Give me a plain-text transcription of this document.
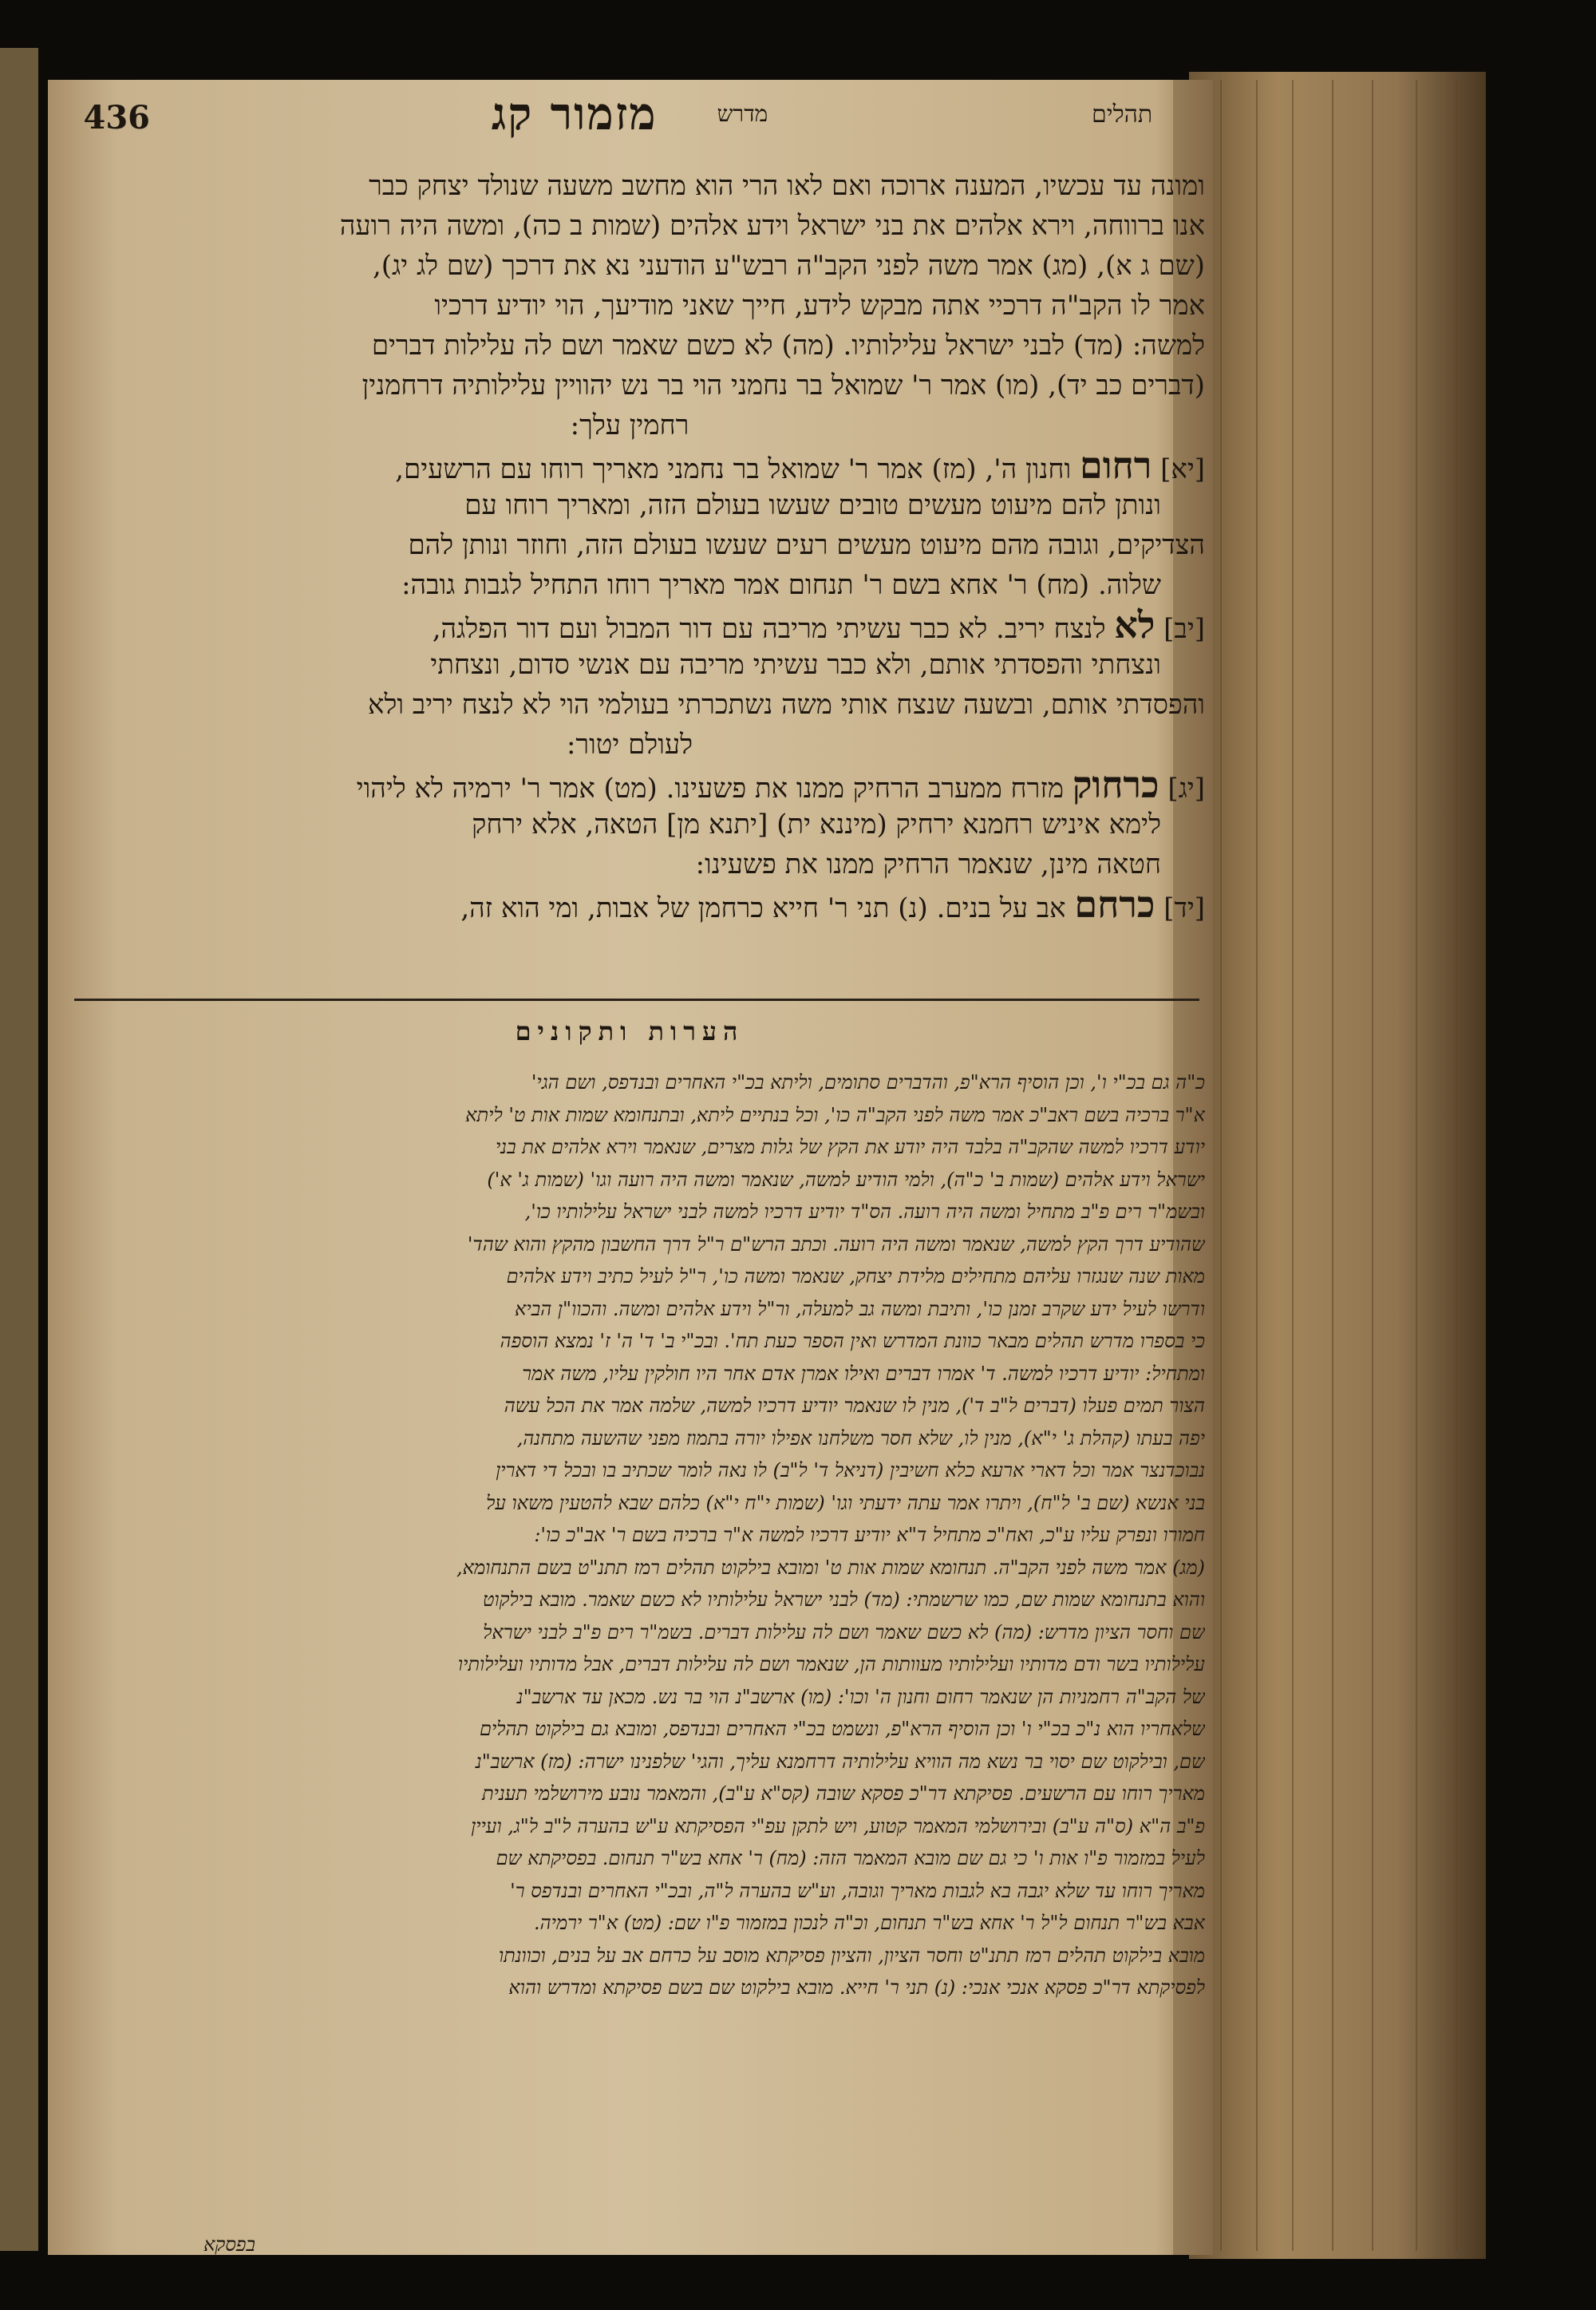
436	מדרש מזמור קג	תהלים
ומונה עד עכשיו, המענה ארוכה ואם לאו הרי הוא מחשב משעה שנולד יצחק כבר
אנו ברווחה, וירא אלהים את בני ישראל וידע אלהים (שמות ב כה), ומשה היה רועה
(שם ג א), (מג) אמר משה לפני הקב"ה רבש"ע הודעני נא את דרכך (שם לג יג),
אמר לו הקב"ה דרכיי אתה מבקש לידע, חייך שאני מודיעך, הוי יודיע דרכיו
למשה: (מד) לבני ישראל עלילותיו. (מה) לא כשם שאמר ושם לה עלילות דברים
(דברים כב יד), (מו) אמר ר' שמואל בר נחמני הוי בר נש יהוויין עלילותיה דרחמנין
רחמין עלך:
[יא] רחום וחנון ה', (מז) אמר ר' שמואל בר נחמני מאריך רוחו עם הרשעים,
ונותן להם מיעוט מעשים טובים שעשו בעולם הזה, ומאריך רוחו עם
הצדיקים, וגובה מהם מיעוט מעשים רעים שעשו בעולם הזה, וחוזר ונותן להם
שלוה. (מח) ר' אחא בשם ר' תנחום אמר מאריך רוחו התחיל לגבות גובה:
[יב] לא לנצח יריב. לא כבר עשיתי מריבה עם דור המבול ועם דור הפלגה,
ונצחתי והפסדתי אותם, ולא כבר עשיתי מריבה עם אנשי סדום, ונצחתי
והפסדתי אותם, ובשעה שנצח אותי משה נשתכרתי בעולמי הוי לא לנצח יריב ולא
לעולם יטור:
[יג] כרחוק מזרח ממערב הרחיק ממנו את פשעינו. (מט) אמר ר' ירמיה לא ליהוי
לימא איניש רחמנא ירחיק (מיננא ית) [יתנא מן] הטאה, אלא ירחק
חטאה מינן, שנאמר הרחיק ממנו את פשעינו:
[יד] כרחם אב על בנים. (נ) תני ר' חייא כרחמן של אבות, ומי הוא זה,
הערות ותקונים
כ"ה גם בכ"י ו', וכן הוסיף הרא"פ, והדברים סתומים, וליתא בכ"י האחרים ובנדפס, ושם הגי'
א"ר ברכיה בשם ראב"כ אמר משה לפני הקב"ה כו', וכל בנתיים ליתא, ובתנחומא שמות אות ט' ליתא
יודע דרכיו למשה שהקב"ה בלבד היה יודע את הקץ של גלות מצרים, שנאמר וירא אלהים את בני
ישראל וידע אלהים (שמות ב' כ"ה), ולמי הודיע למשה, שנאמר ומשה היה רועה וגו' (שמות ג' א')
ובשמ"ר רים פ"ב מתחיל ומשה היה רועה. הס"ד יודיע דרכיו למשה לבני ישראל עלילותיו כו',
שהודיע דרך הקץ למשה, שנאמר ומשה היה רועה. וכתב הרש"ם ר"ל דרך החשבון מהקץ והוא שהד'
מאות שנה שנגזרו עליהם מתחילים מלידת יצחק, שנאמר ומשה כו', ר"ל לעיל כתיב וידע אלהים
ודרשו לעיל ידע שקרב זמנן כו', ותיבת ומשה גב למעלה, ור"ל וידע אלהים ומשה. והכוו"ן הביא
כי בספרו מדרש תהלים מבאר כוונת המדרש ואין הספר כעת תח'. ובכ"י ב' ד' ה' ז' נמצא הוספה
ומתחיל: יודיע דרכיו למשה. ד' אמרו דברים ואילו אמרן אדם אחר היו חולקין עליו, משה אמר
הצור תמים פעלו (דברים ל"ב ד'), מנין לו שנאמר יודיע דרכיו למשה, שלמה אמר את הכל עשה
יפה בעתו (קהלת ג' י"א), מנין לו, שלא חסר משלחנו אפילו יורה בתמוז מפני שהשעה מתחנה,
נבוכדנצר אמר וכל דארי ארעא כלא חשיבין (דניאל ד' ל"ב) לו נאה לומר שכתיב בו ובכל די דארין
בני אנשא (שם ב' ל"ח), ויתרו אמר עתה ידעתי וגו' (שמות י"ח י"א) כלהם שבא להטעין משאו על
חמורו ונפרק עליו ע"כ, ואח"כ מתחיל ד"א יודיע דרכיו למשה א"ר ברכיה בשם ר' אב"כ כו':
(מג) אמר משה לפני הקב"ה. תנחומא שמות אות ט' ומובא בילקוט תהלים רמז תתנ"ט בשם התנחומא,
והוא בתנחומא שמות שם, כמו שרשמתי: (מד) לבני ישראל עלילותיו לא כשם שאמר. מובא בילקוט
שם וחסר הציון מדרש: (מה) לא כשם שאמר ושם לה עלילות דברים. בשמ"ר רים פ"ב לבני ישראל
עלילותיו בשר ודם מדותיו ועלילותיו מעוותות הן, שנאמר ושם לה עלילות דברים, אבל מדותיו ועלילותיו
של הקב"ה רחמניות הן שנאמר רחום וחנון ה' וכו': (מו) ארשב"נ הוי בר נש. מכאן עד ארשב"נ
שלאחריו הוא נ"כ בכ"י ו' וכן הוסיף הרא"פ, ונשמט בכ"י האחרים ובנדפס, ומובא גם בילקוט תהלים
שם, ובילקוט שם יסוי בר נשא מה הוויא עלילותיה דרחמנא עליך, והגי' שלפנינו ישרה: (מז) ארשב"נ
מאריך רוחו עם הרשעים. פסיקתא דר"כ פסקא שובה (קס"א ע"ב), והמאמר נובע מירושלמי תענית
פ"ב ה"א (ס"ה ע"ב) ובירושלמי המאמר קטוע, ויש לתקן עפ"י הפסיקתא ע"ש בהערה ל"ב ל"ג, ועיין
לעיל במזמור פ"ו אות ו' כי גם שם מובא המאמר הזה: (מח) ר' אחא בש"ר תנחום. בפסיקתא שם
מאריך רוחו עד שלא יגבה בא לגבות מאריך וגובה, וע"ש בהערה ל"ה, ובכ"י האחרים ובנדפס ר'
אבא בש"ר תנחום ל"ל ר' אחא בש"ר תנחום, וכ"ה לנכון במזמור פ"ו שם: (מט) א"ר ירמיה.
מובא בילקוט תהלים רמז תתנ"ט וחסר הציון, והציון פסיקתא מוסב על כרחם אב על בנים, וכוונתו
לפסיקתא דר"כ פסקא אנכי אנכי: (נ) תני ר' חייא. מובא בילקוט שם בשם פסיקתא ומדרש והוא
בפסקא
